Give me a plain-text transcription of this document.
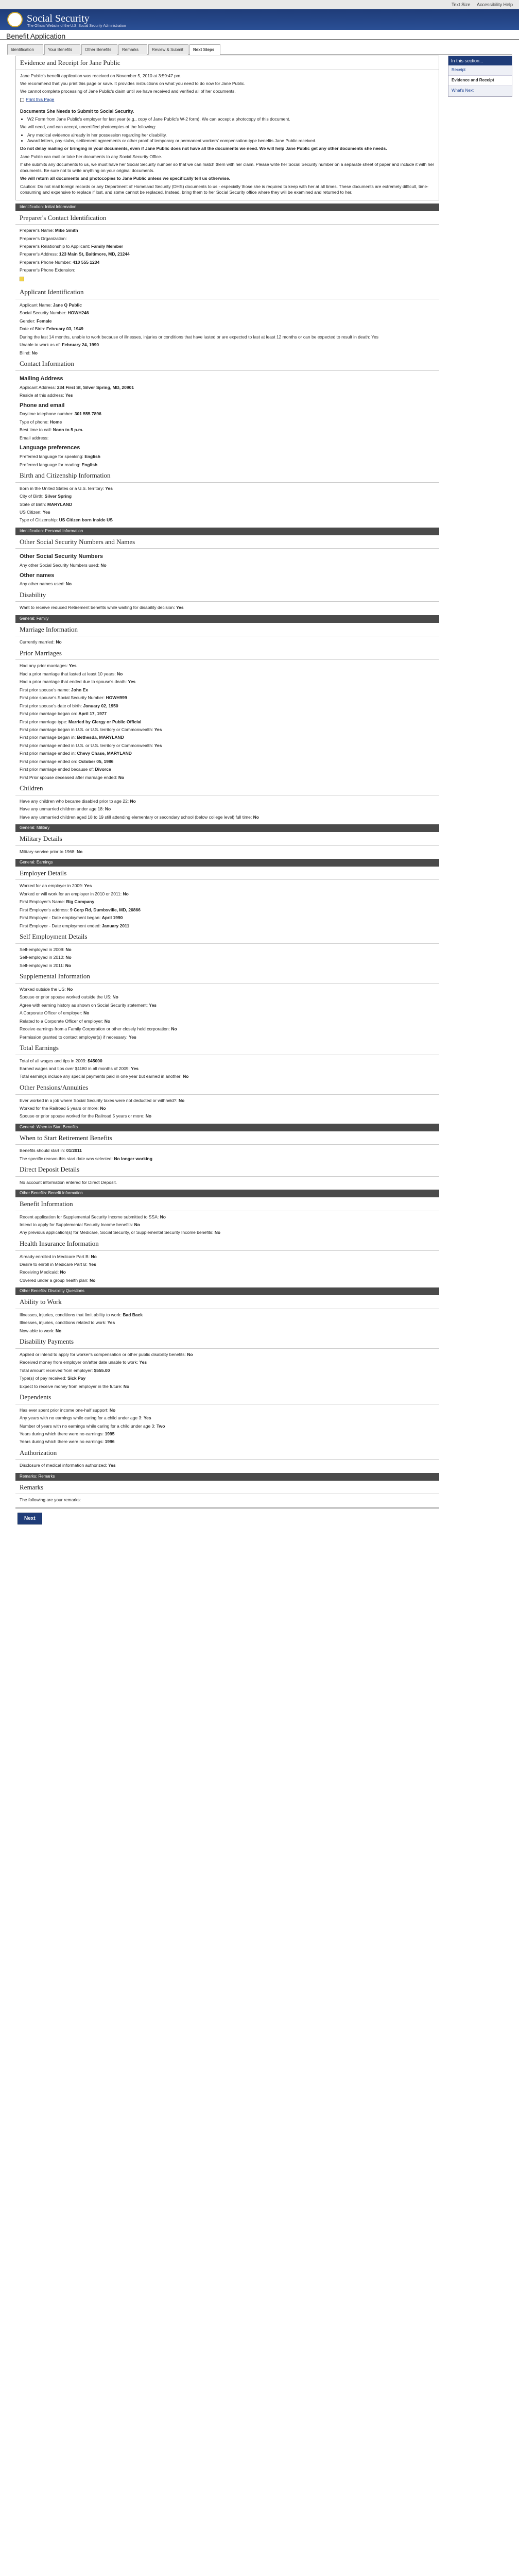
Text Size Accessibility Help
Social Security
The Official Website of the U.S. Social Security Administration
Benefit Application
Identification	Your Benefits	Other Benefits	Remarks	Review & Submit	Next Steps
In this section...
Receipt
Evidence and Receipt
What's Next
Evidence and Receipt for Jane Public

Jane Public's benefit application was received on November 5, 2010 at 3:59:47 pm.

We recommend that you print this page or save. It provides instructions on what you need to do now for Jane Public.

We cannot complete processing of Jane Public's claim until we have received and verified all of her documents.

Print this Page

Documents She Needs to Submit to Social Security.
• W2 Form from Jane Public's employer for last year (e.g., copy of Jane Public's W-2 form). We can accept a photocopy of this document.

We will need, and can accept, uncertified photocopies of the following:

• Any medical evidence already in her possession regarding her disability.
• Award letters, pay stubs, settlement agreements or other proof of temporary or permanent workers' compensation-type benefits Jane Public received.

Do not delay mailing or bringing in your documents, even if Jane Public does not have all the documents we need. We will help Jane Public get any other documents she needs.

Jane Public can mail or take her documents to any Social Security Office.

If she submits any documents to us, we must have her Social Security number so that we can match them with her claim. Please write her Social Security number on a separate sheet of paper and include it with her documents. Be sure not to write anything on your original documents.

We will return all documents and photocopies to Jane Public unless we specifically tell us otherwise.

Caution: Do not mail foreign records or any Department of Homeland Security (DHS) documents to us - especially those she is required to keep with her at all times. These documents are extremely difficult, time-consuming and expensive to replace if lost, and some cannot be replaced. Instead, bring them to her Social Security office where they will be examined and returned to her.

Identification: Initial Information
Preparer's Contact Identification
Preparer's Name: Mike Smith
Preparer's Organization:
Preparer's Relationship to Applicant: Family Member
Preparer's Address: 123 Main St, Baltimore, MD, 21244
Preparer's Phone Number: 410 555 1234
Preparer's Phone Extension:
Applicant Identification
Applicant Name: Jane Q Public
Social Security Number: HOWH246
Gender: Female
Date of Birth: February 03, 1949

During the last 14 months, unable to work because of illnesses, injuries or conditions that have lasted or are expected to last at least 12 months or can be expected to result in death: Yes

Unable to work as of: February 24, 1990
Blind: No
Contact Information
Mailing Address
Applicant Address: 234 First St, Silver Spring, MD, 20901
Reside at this address: Yes
Phone and email
Daytime telephone number: 301 555 7896
Type of phone: Home
Best time to call: Noon to 5 p.m.
Email address:
Language preferences
Preferred language for speaking: English
Preferred language for reading: English
Birth and Citizenship Information
Born in the United States or a U.S. territory: Yes
City of Birth: Silver Spring
State of Birth: MARYLAND
US Citizen: Yes
Type of Citizenship: US Citizen born inside US
Identification: Personal Information
Other Social Security Numbers and Names
Other Social Security Numbers
Any other Social Security Numbers used: No
Other names
Any other names used: No
Disability
Want to receive reduced Retirement benefits while waiting for disability decision: Yes
General: Family
Marriage Information
Currently married: No
Prior Marriages
Had any prior marriages: Yes
Had a prior marriage that lasted at least 10 years: No
Had a prior marriage that ended due to spouse's death: Yes
First prior spouse's name: John Ex
First prior spouse's Social Security Number: HOWH999
First prior spouse's date of birth: January 02, 1950
First prior marriage began on: April 17, 1977
First prior marriage type: Married by Clergy or Public Official
First prior marriage began in U.S. or U.S. territory or Commonwealth: Yes
First prior marriage began in: Bethesda, MARYLAND
First prior marriage ended in U.S. or U.S. territory or Commonwealth: Yes
First prior marriage ended in: Chevy Chase, MARYLAND
First prior marriage ended on: October 05, 1986
First prior marriage ended because of: Divorce
First Prior spouse deceased after marriage ended: No
Children
Have any children who became disabled prior to age 22: No
Have any unmarried children under age 18: No
Have any unmarried children aged 18 to 19 still attending elementary or secondary school (below college level) full time: No
General: Military
Military Details
Military service prior to 1968: No
General: Earnings
Employer Details
Worked for an employer in 2009: Yes
Worked or will work for an employer in 2010 or 2011: No
First Employer's Name: Big Company
First Employer's address: 9 Corp Rd, Dumbsville, MD, 20866
First Employer - Date employment began: April 1990
First Employer - Date employment ended: January 2011
Self Employment Details
Self-employed in 2009: No
Self-employed in 2010: No
Self-employed in 2011: No
Supplemental Information
Worked outside the US: No
Spouse or prior spouse worked outside the US: No
Agree with earning history as shown on Social Security statement: Yes
A Corporate Officer of employer: No
Related to a Corporate Officer of employer: No
Receive earnings from a Family Corporation or other closely held corporation: No
Permission granted to contact employer(s) if necessary: Yes
Total Earnings
Total of all wages and tips in 2009: $45000
Earned wages and tips over $1180 in all months of 2009: Yes
Total earnings include any special payments paid in one year but earned in another: No
Other Pensions/Annuities
Ever worked in a job where Social Security taxes were not deducted or withheld?: No
Worked for the Railroad 5 years or more: No
Spouse or prior spouse worked for the Railroad 5 years or more: No
General: When to Start Benefits
When to Start Retirement Benefits
Benefits should start in: 01/2011
The specific reason this start date was selected: No longer working
Direct Deposit Details

No account information entered for Direct Deposit.

Other Benefits: Benefit Information
Benefit Information
Recent application for Supplemental Security Income submitted to SSA: No
Intend to apply for Supplemental Security Income benefits: No
Any previous application(s) for Medicare, Social Security, or Supplemental Security Income benefits: No
Health Insurance Information
Already enrolled in Medicare Part B: No
Desire to enroll in Medicare Part B: Yes
Receiving Medicaid: No
Covered under a group health plan: No
Other Benefits: Disability Questions
Ability to Work
Illnesses, injuries, conditions that limit ability to work: Bad Back
Illnesses, injuries, conditions related to work: Yes
Now able to work: No
Disability Payments
Applied or intend to apply for worker's compensation or other public disability benefits: No
Received money from employer on/after date unable to work: Yes
Total amount received from employer: $555.00
Type(s) of pay received: Sick Pay
Expect to receive money from employer in the future: No
Dependents
Has ever spent prior income one-half support: No
Any years with no earnings while caring for a child under age 3: Yes
Number of years with no earnings while caring for a child under age 3: Two
Years during which there were no earnings: 1995
Years during which there were no earnings: 1996
Authorization
Disclosure of medical information authorized: Yes
Remarks: Remarks
Remarks

The following are your remarks:

Next
